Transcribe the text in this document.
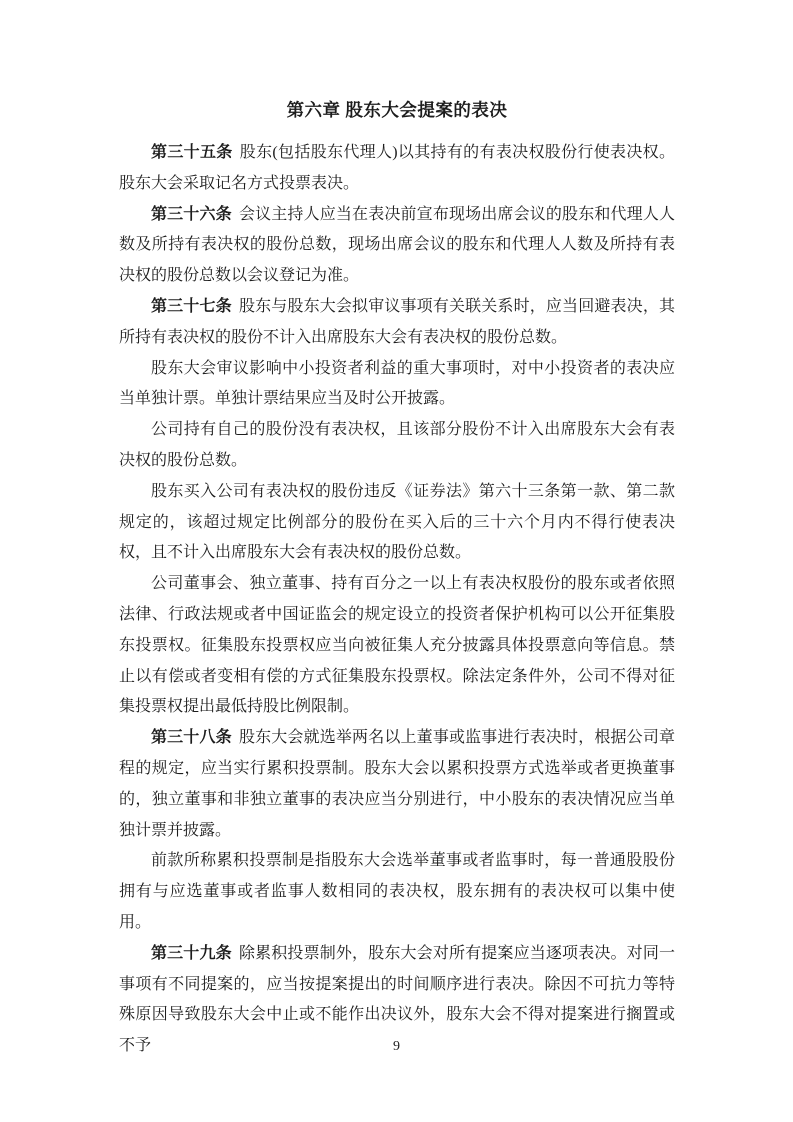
第六章 股东大会提案的表决

第三十五条 股东(包括股东代理人)以其持有的有表决权股份行使表决权。股东大会采取记名方式投票表决。

第三十六条 会议主持人应当在表决前宣布现场出席会议的股东和代理人人数及所持有表决权的股份总数，现场出席会议的股东和代理人人数及所持有表决权的股份总数以会议登记为准。

第三十七条 股东与股东大会拟审议事项有关联关系时，应当回避表决，其所持有表决权的股份不计入出席股东大会有表决权的股份总数。

股东大会审议影响中小投资者利益的重大事项时，对中小投资者的表决应当单独计票。单独计票结果应当及时公开披露。

公司持有自己的股份没有表决权，且该部分股份不计入出席股东大会有表决权的股份总数。

股东买入公司有表决权的股份违反《证券法》第六十三条第一款、第二款规定的，该超过规定比例部分的股份在买入后的三十六个月内不得行使表决权，且不计入出席股东大会有表决权的股份总数。

公司董事会、独立董事、持有百分之一以上有表决权股份的股东或者依照法律、行政法规或者中国证监会的规定设立的投资者保护机构可以公开征集股东投票权。征集股东投票权应当向被征集人充分披露具体投票意向等信息。禁止以有偿或者变相有偿的方式征集股东投票权。除法定条件外，公司不得对征集投票权提出最低持股比例限制。

第三十八条 股东大会就选举两名以上董事或监事进行表决时，根据公司章程的规定，应当实行累积投票制。股东大会以累积投票方式选举或者更换董事的，独立董事和非独立董事的表决应当分别进行，中小股东的表决情况应当单独计票并披露。

前款所称累积投票制是指股东大会选举董事或者监事时，每一普通股股份拥有与应选董事或者监事人数相同的表决权，股东拥有的表决权可以集中使用。

第三十九条 除累积投票制外，股东大会对所有提案应当逐项表决。对同一事项有不同提案的，应当按提案提出的时间顺序进行表决。除因不可抗力等特殊原因导致股东大会中止或不能作出决议外，股东大会不得对提案进行搁置或不予	9
